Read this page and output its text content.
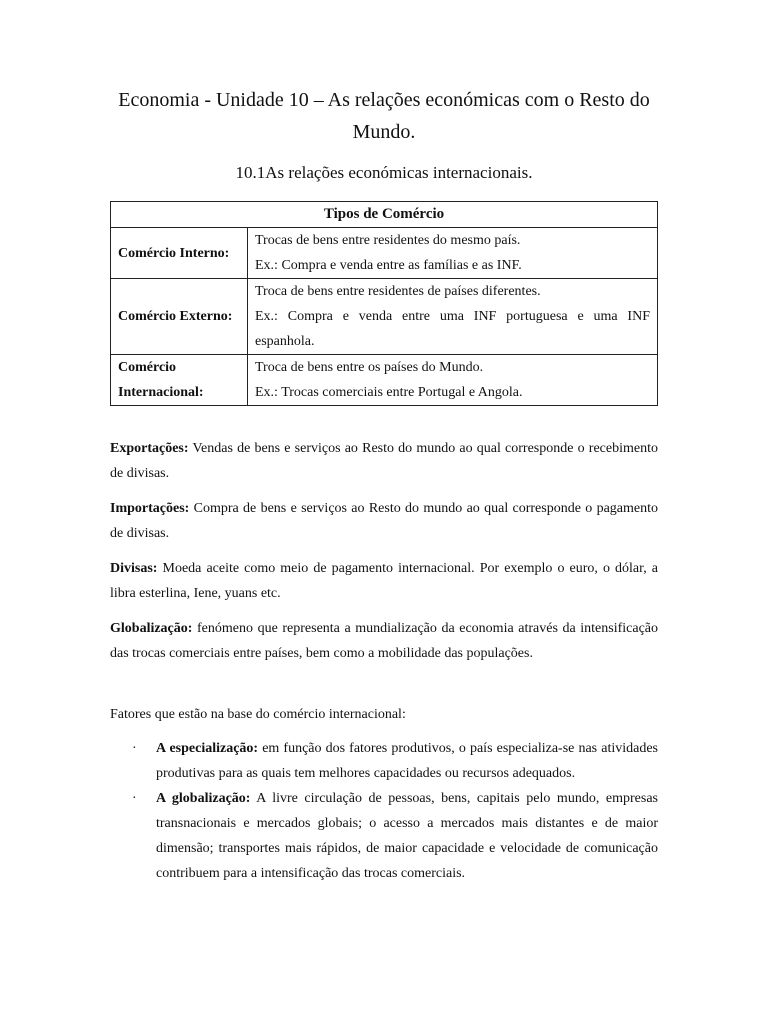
Economia - Unidade 10 – As relações económicas com o Resto do Mundo.
10.1As relações económicas internacionais.
Tipos de Comércio	
Comércio Interno:	Trocas de bens entre residentes do mesmo país.
Ex.: Compra e venda entre as famílias e as INF.

Comércio Externo:	Troca de bens entre residentes de países diferentes.
Ex.: Compra e venda entre uma INF portuguesa e uma INF
espanhola.

Comércio Internacional:	Troca de bens entre os países do Mundo.
Ex.: Trocas comerciais entre Portugal e Angola.

Exportações: Vendas de bens e serviços ao Resto do mundo ao qual corresponde o recebimento de divisas.

Importações: Compra de bens e serviços ao Resto do mundo ao qual corresponde o pagamento de divisas.

Divisas: Moeda aceite como meio de pagamento internacional. Por exemplo o euro, o dólar, a libra esterlina, Iene, yuans etc.

Globalização: fenómeno que representa a mundialização da economia através da intensificação das trocas comerciais entre países, bem como a mobilidade das populações.

Fatores que estão na base do comércio internacional:

· A especialização: em função dos fatores produtivos, o país especializa-se nas atividades produtivas para as quais tem melhores capacidades ou recursos adequados.

· A globalização: A livre circulação de pessoas, bens, capitais pelo mundo, empresas transnacionais e mercados globais; o acesso a mercados mais distantes e de maior dimensão; transportes mais rápidos, de maior capacidade e velocidade de comunicação contribuem para a intensificação das trocas comerciais.
